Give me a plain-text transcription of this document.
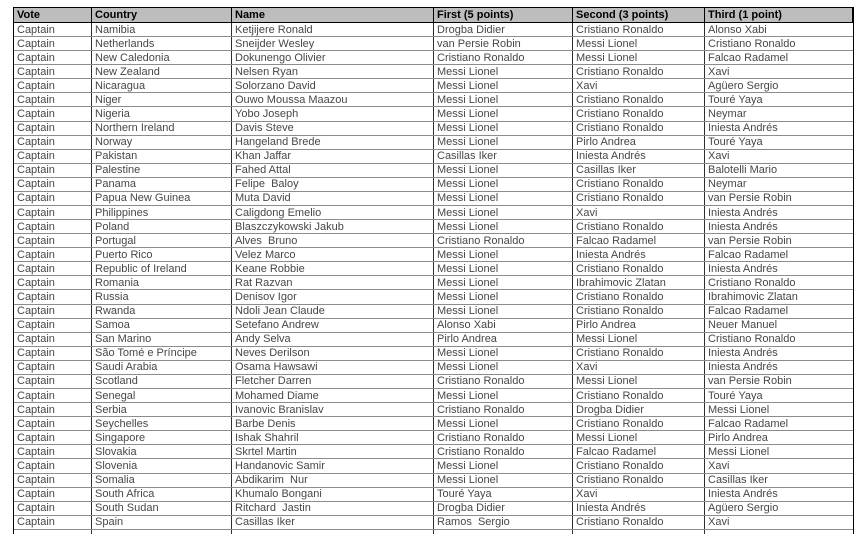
Vote	Country	Name	First (5 points)	Second (3 points)	Third (1 point)
Captain	Namibia	Ketjijere Ronald	Drogba Didier	Cristiano Ronaldo	Alonso Xabi
Captain	Netherlands	Sneijder Wesley	van Persie Robin	Messi Lionel	Cristiano Ronaldo
Captain	New Caledonia	Dokunengo Olivier	Cristiano Ronaldo	Messi Lionel	Falcao Radamel
Captain	New Zealand	Nelsen Ryan	Messi Lionel	Cristiano Ronaldo	Xavi
Captain	Nicaragua	Solorzano David	Messi Lionel	Xavi	Agüero Sergio
Captain	Niger	Ouwo Moussa Maazou	Messi Lionel	Cristiano Ronaldo	Touré Yaya
Captain	Nigeria	Yobo Joseph	Messi Lionel	Cristiano Ronaldo	Neymar
Captain	Northern Ireland	Davis Steve	Messi Lionel	Cristiano Ronaldo	Iniesta Andrés
Captain	Norway	Hangeland Brede	Messi Lionel	Pirlo Andrea	Touré Yaya
Captain	Pakistan	Khan Jaffar	Casillas Iker	Iniesta Andrés	Xavi
Captain	Palestine	Fahed Attal	Messi Lionel	Casillas Iker	Balotelli Mario
Captain	Panama	Felipe  Baloy	Messi Lionel	Cristiano Ronaldo	Neymar
Captain	Papua New Guinea	Muta David	Messi Lionel	Cristiano Ronaldo	van Persie Robin
Captain	Philippines	Caligdong Emelio	Messi Lionel	Xavi	Iniesta Andrés
Captain	Poland	Blaszczykowski Jakub	Messi Lionel	Cristiano Ronaldo	Iniesta Andrés
Captain	Portugal	Alves  Bruno	Cristiano Ronaldo	Falcao Radamel	van Persie Robin
Captain	Puerto Rico	Velez Marco	Messi Lionel	Iniesta Andrés	Falcao Radamel
Captain	Republic of Ireland	Keane Robbie	Messi Lionel	Cristiano Ronaldo	Iniesta Andrés
Captain	Romania	Rat Razvan	Messi Lionel	Ibrahimovic Zlatan	Cristiano Ronaldo
Captain	Russia	Denisov Igor	Messi Lionel	Cristiano Ronaldo	Ibrahimovic Zlatan
Captain	Rwanda	Ndoli Jean Claude	Messi Lionel	Cristiano Ronaldo	Falcao Radamel
Captain	Samoa	Setefano Andrew	Alonso Xabi	Pirlo Andrea	Neuer Manuel
Captain	San Marino	Andy Selva	Pirlo Andrea	Messi Lionel	Cristiano Ronaldo
Captain	São Tomé e Príncipe	Neves Derilson	Messi Lionel	Cristiano Ronaldo	Iniesta Andrés
Captain	Saudi Arabia	Osama Hawsawi	Messi Lionel	Xavi	Iniesta Andrés
Captain	Scotland	Fletcher Darren	Cristiano Ronaldo	Messi Lionel	van Persie Robin
Captain	Senegal	Mohamed Diame	Messi Lionel	Cristiano Ronaldo	Touré Yaya
Captain	Serbia	Ivanovic Branislav	Cristiano Ronaldo	Drogba Didier	Messi Lionel
Captain	Seychelles	Barbe Denis	Messi Lionel	Cristiano Ronaldo	Falcao Radamel
Captain	Singapore	Ishak Shahril	Cristiano Ronaldo	Messi Lionel	Pirlo Andrea
Captain	Slovakia	Skrtel Martin	Cristiano Ronaldo	Falcao Radamel	Messi Lionel
Captain	Slovenia	Handanovic Samir	Messi Lionel	Cristiano Ronaldo	Xavi
Captain	Somalia	Abdikarim  Nur	Messi Lionel	Cristiano Ronaldo	Casillas Iker
Captain	South Africa	Khumalo Bongani	Touré Yaya	Xavi	Iniesta Andrés
Captain	South Sudan	Ritchard  Jastin	Drogba Didier	Iniesta Andrés	Agüero Sergio
Captain	Spain	Casillas Iker	Ramos  Sergio	Cristiano Ronaldo	Xavi
